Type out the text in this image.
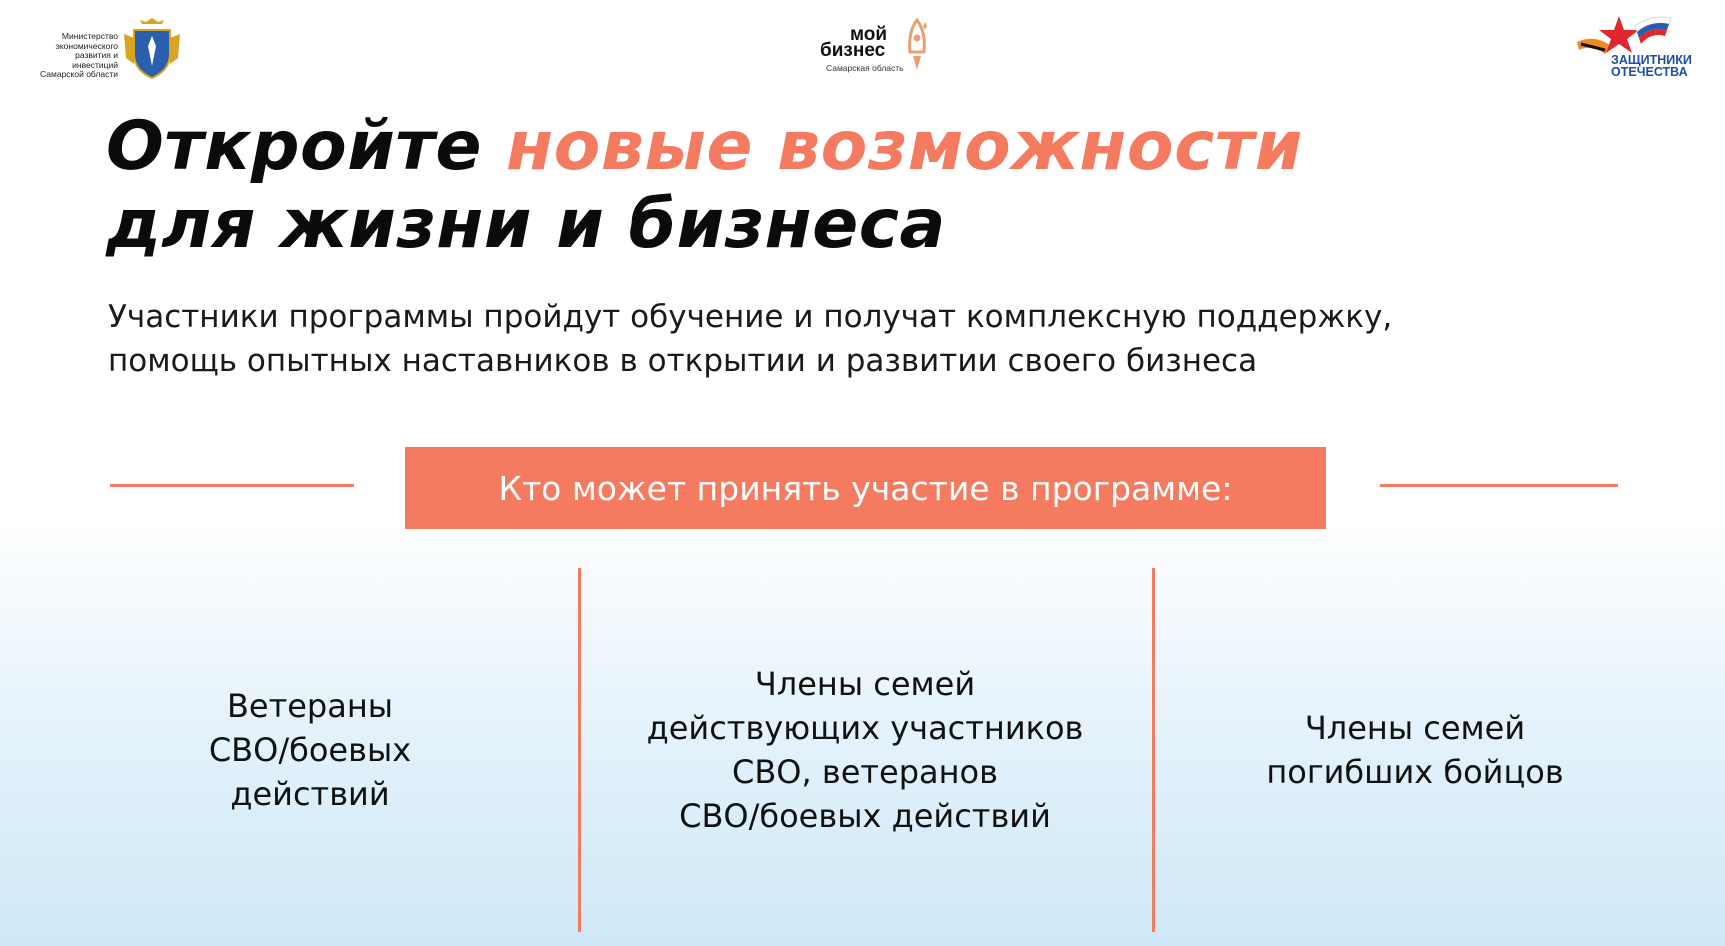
Министерство
экономического
развития и инвестиций
Самарской области
мой
бизнес
Самарская область
ЗАЩИТНИКИ
ОТЕЧЕСТВА
Откройте новые возможности
для жизни и бизнеса
Участники программы пройдут обучение и получат комплексную поддержку, помощь опытных наставников в открытии и развитии своего бизнеса
Кто может принять участие в программе:
Ветераны
СВО/боевых
действий
Члены семей
действующих участников
СВО, ветеранов
СВО/боевых действий
Члены семей
погибших бойцов
